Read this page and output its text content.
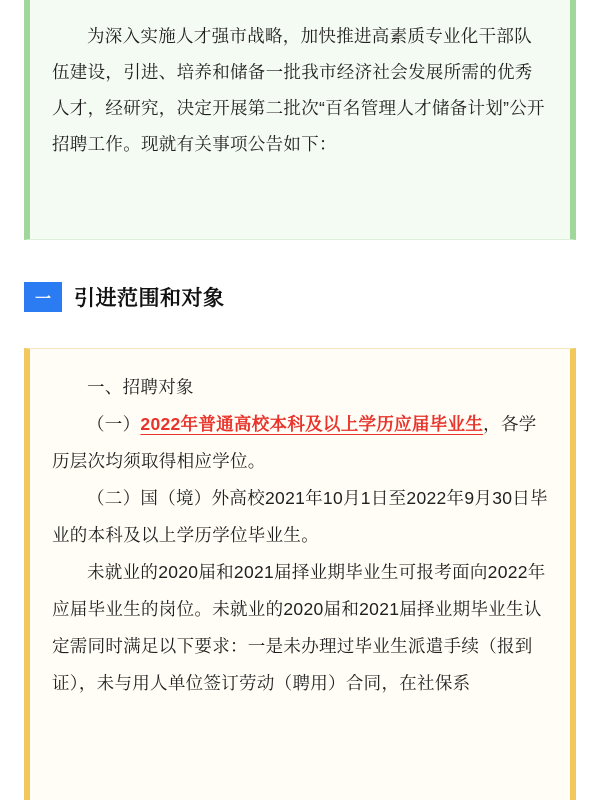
为深入实施人才强市战略，加快推进高素质专业化干部队伍建设，引进、培养和储备一批我市经济社会发展所需的优秀人才，经研究，决定开展第二批次“百名管理人才储备计划”公开招聘工作。现就有关事项公告如下：

一	引进范围和对象

一、招聘对象

（一）2022年普通高校本科及以上学历应届毕业生，各学历层次均须取得相应学位。

（二）国（境）外高校2021年10月1日至2022年9月30日毕业的本科及以上学历学位毕业生。

未就业的2020届和2021届择业期毕业生可报考面向2022年应届毕业生的岗位。未就业的2020届和2021届择业期毕业生认定需同时满足以下要求：一是未办理过毕业生派遣手续（报到证），未与用人单位签订劳动（聘用）合同，在社保系
